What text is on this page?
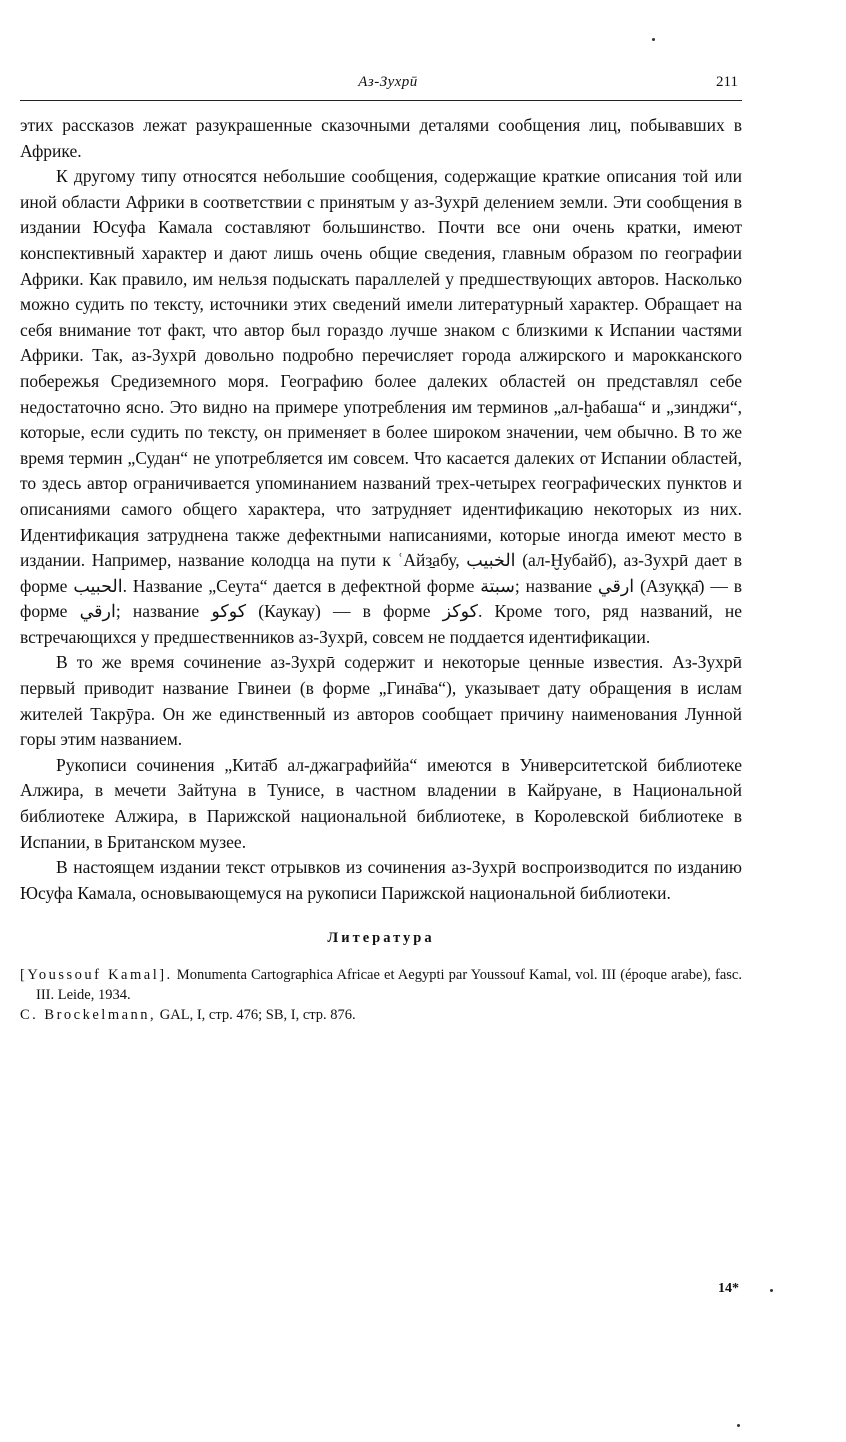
Аз-Зухрӣ	211

этих рассказов лежат разукрашенные сказочными деталями сообщения лиц, побывавших в Африке.

К другому типу относятся небольшие сообщения, содержащие краткие описания той или иной области Африки в соответствии с принятым у аз-Зухрӣ делением земли. Эти сообщения в издании Юсуфа Камала составляют большинство. Почти все они очень кратки, имеют конспективный характер и дают лишь очень общие сведения, главным образом по географии Африки. Как правило, им нельзя подыскать параллелей у предшествующих авторов. Насколько можно судить по тексту, источники этих сведений имели литературный характер. Обращает на себя внимание тот факт, что автор был гораздо лучше знаком с близкими к Испании частями Африки. Так, аз-Зухрӣ довольно подробно перечисляет города алжирского и марокканского побережья Средиземного моря. Географию более далеких областей он представлял себе недостаточно ясно. Это видно на примере употребления им терминов „ал-ḫабаша“ и „зинджи“, которые, если судить по тексту, он применяет в более широком значении, чем обычно. В то же время термин „Судан“ не употребляется им совсем. Что касается далеких от Испании областей, то здесь автор ограничивается упоминанием названий трех-четырех географических пунктов и описаниями самого общего характера, что затрудняет идентификацию некоторых из них. Идентификация затруднена также дефектными написаниями, которые иногда имеют место в издании. Например, название колодца на пути к ʿАйз̱абу, الخبيب (ал-Ḫубайб), аз-Зухрӣ дает в форме الحبيب. Название „Сеута“ дается в дефектной форме سبتة; название ارقي (Азуққа̄) — в форме ارقي; название كوكو (Каукау) — в форме كوكز. Кроме того, ряд названий, не встречающихся у предшественников аз-Зухрӣ, совсем не поддается идентификации.

В то же время сочинение аз-Зухрӣ содержит и некоторые ценные известия. Аз-Зухрӣ первый приводит название Гвинеи (в форме „Гина̄ва“), указывает дату обращения в ислам жителей Такрӯра. Он же единственный из авторов сообщает причину наименования Лунной горы этим названием.

Рукописи сочинения „Кита̄б ал-джаграфиййа“ имеются в Университетской библиотеке Алжира, в мечети Зайтуна в Тунисе, в частном владении в Кайруане, в Национальной библиотеке Алжира, в Парижской национальной библиотеке, в Королевской библиотеке в Испании, в Британском музее.

В настоящем издании текст отрывков из сочинения аз-Зухрӣ воспроизводится по изданию Юсуфа Камала, основывающемуся на рукописи Парижской национальной библиотеки.

Литература
[Youssouf Kamal]. Monumenta Cartographica Africae et Aegypti par Youssouf Kamal, vol. III (époque arabe), fasc. III. Leide, 1934.
C. Brockelmann, GAL, I, стр. 476; SB, I, стр. 876.
14*
